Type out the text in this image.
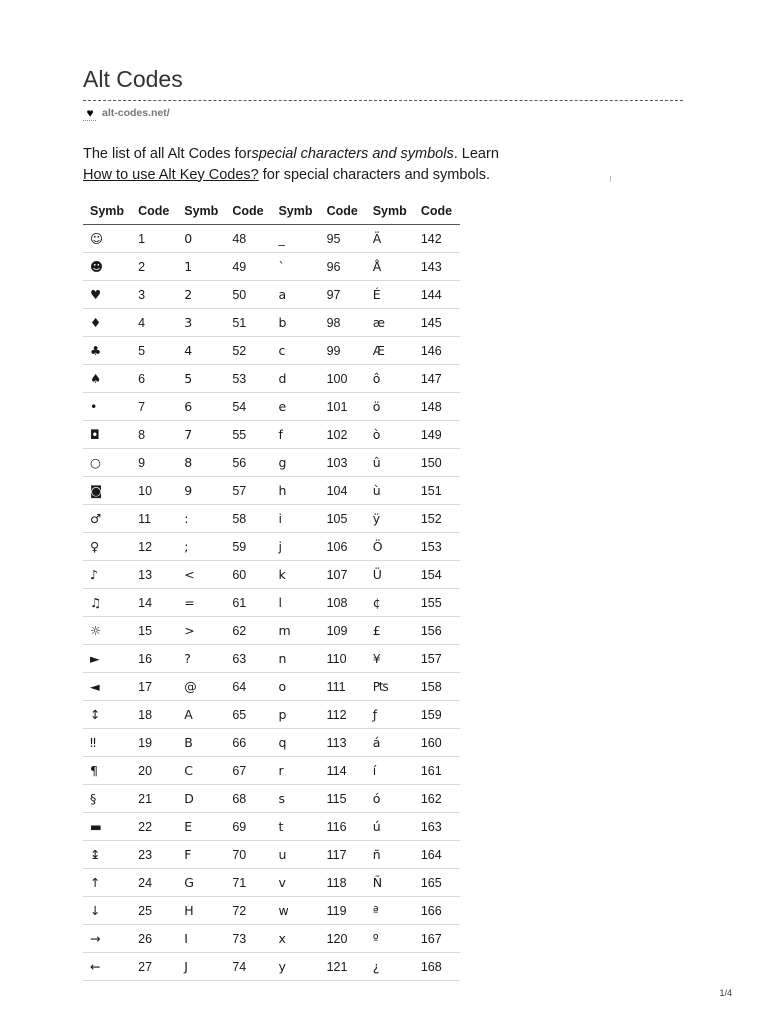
Alt Codes
♥ alt-codes.net/

The list of all Alt Codes forspecial characters and symbols. Learn
How to use Alt Key Codes? for special characters and symbols.

Symb	Code	Symb	Code	Symb	Code	Symb	Code
☺	1	0	48	_	95	Ä	142
☻	2	1	49	`	96	Å	143
♥	3	2	50	a	97	É	144
♦	4	3	51	b	98	æ	145
♣	5	4	52	c	99	Æ	146
♠	6	5	53	d	100	ô	147
•	7	6	54	e	101	ö	148
◘	8	7	55	f	102	ò	149
○	9	8	56	g	103	û	150
◙	10	9	57	h	104	ù	151
♂	11	:	58	i	105	ÿ	152
♀	12	;	59	j	106	Ö	153
♪	13	<	60	k	107	Ü	154
♫	14	=	61	l	108	¢	155
☼	15	>	62	m	109	£	156
►	16	?	63	n	110	¥	157
◄	17	@	64	o	111	₧	158
↕	18	A	65	p	112	ƒ	159
‼	19	B	66	q	113	á	160
¶	20	C	67	r	114	í	161
§	21	D	68	s	115	ó	162
▬	22	E	69	t	116	ú	163
↨	23	F	70	u	117	ñ	164
↑	24	G	71	v	118	Ñ	165
↓	25	H	72	w	119	ª	166
→	26	I	73	x	120	º	167
←	27	J	74	y	121	¿	168
1/4
